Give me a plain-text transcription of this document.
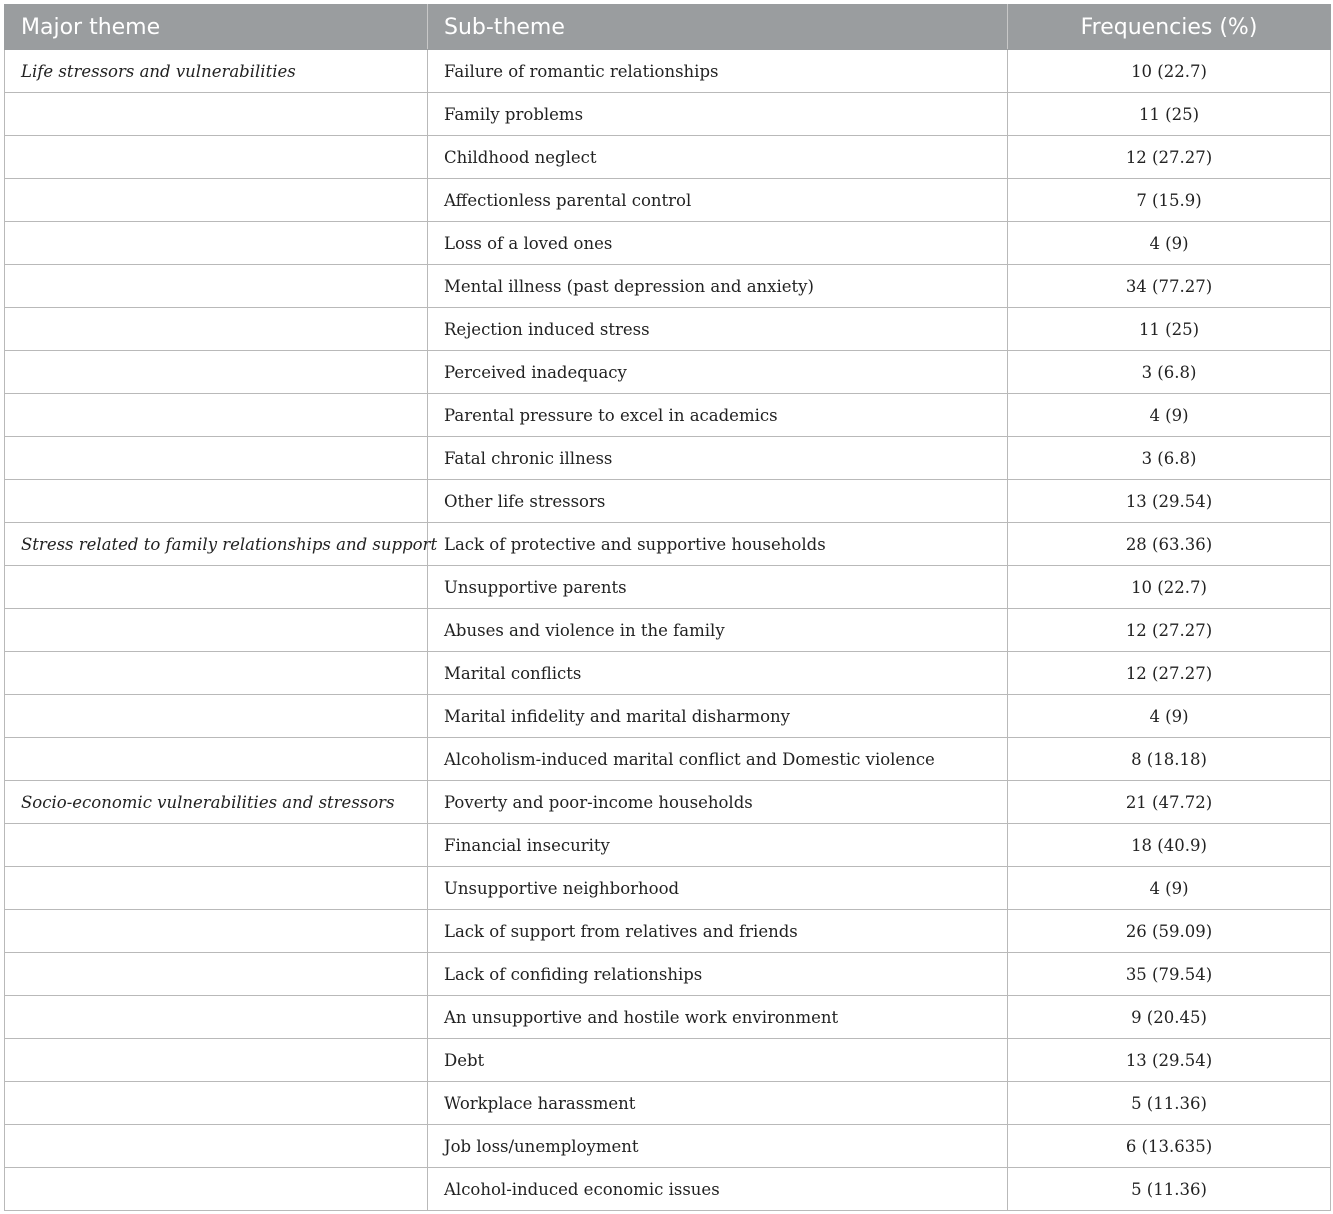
Major theme	Sub-theme	Frequencies (%)
Life stressors and vulnerabilities	Failure of romantic relationships	10 (22.7)
	Family problems	11 (25)
	Childhood neglect	12 (27.27)
	Affectionless parental control	7 (15.9)
	Loss of a loved ones	4 (9)
	Mental illness (past depression and anxiety)	34 (77.27)
	Rejection induced stress	11 (25)
	Perceived inadequacy	3 (6.8)
	Parental pressure to excel in academics	4 (9)
	Fatal chronic illness	3 (6.8)
	Other life stressors	13 (29.54)
Stress related to family relationships and support	Lack of protective and supportive households	28 (63.36)
	Unsupportive parents	10 (22.7)
	Abuses and violence in the family	12 (27.27)
	Marital conflicts	12 (27.27)
	Marital infidelity and marital disharmony	4 (9)
	Alcoholism-induced marital conflict and Domestic violence	8 (18.18)
Socio-economic vulnerabilities and stressors	Poverty and poor-income households	21 (47.72)
	Financial insecurity	18 (40.9)
	Unsupportive neighborhood	4 (9)
	Lack of support from relatives and friends	26 (59.09)
	Lack of confiding relationships	35 (79.54)
	An unsupportive and hostile work environment	9 (20.45)
	Debt	13 (29.54)
	Workplace harassment	5 (11.36)
	Job loss/unemployment	6 (13.635)
	Alcohol-induced economic issues	5 (11.36)
